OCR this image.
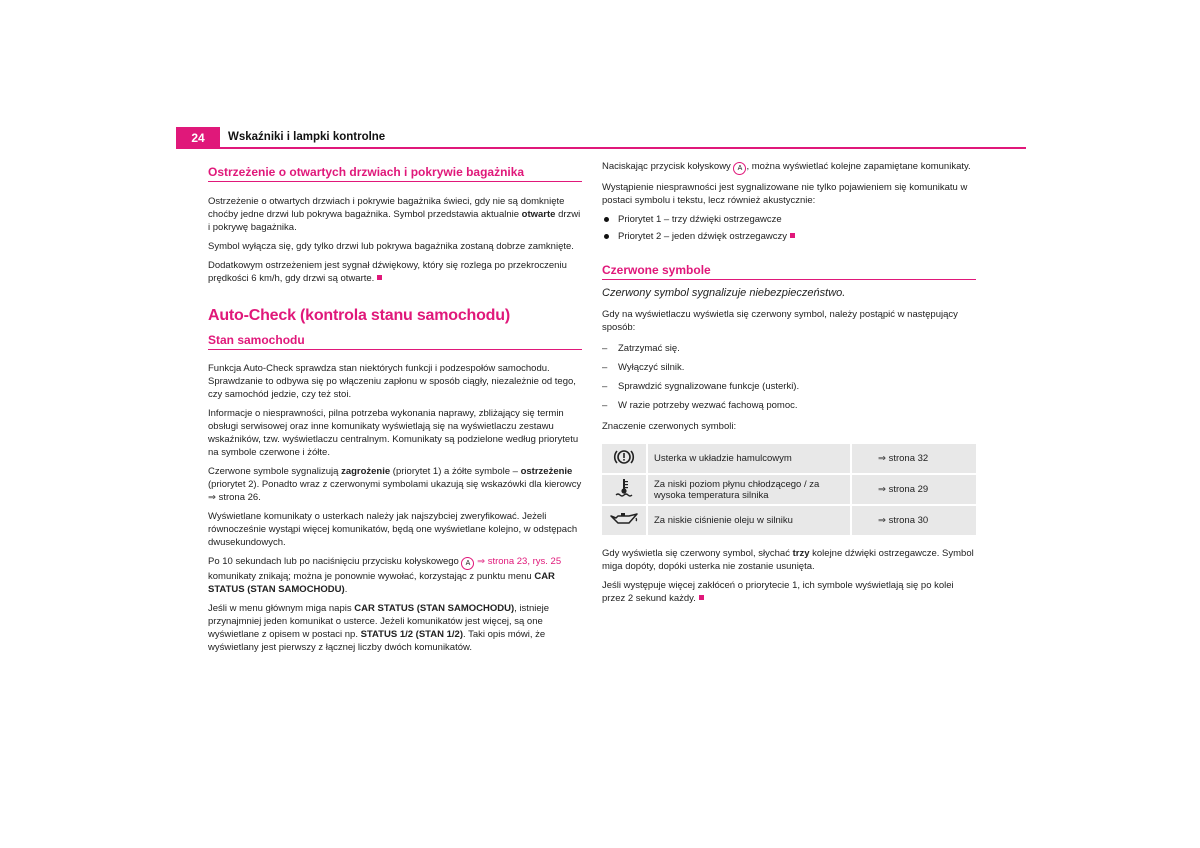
24	Wskaźniki i lampki kontrolne
Ostrzeżenie o otwartych drzwiach i pokrywie bagażnika

Ostrzeżenie o otwartych drzwiach i pokrywie bagażnika świeci, gdy nie są domknięte choćby jedne drzwi lub pokrywa bagażnika. Symbol przedstawia aktualnie otwarte drzwi i pokrywę bagażnika.

Symbol wyłącza się, gdy tylko drzwi lub pokrywa bagażnika zostaną dobrze zamknięte.

Dodatkowym ostrzeżeniem jest sygnał dźwiękowy, który się rozlega po przekroczeniu prędkości 6 km/h, gdy drzwi są otwarte.

Auto-Check (kontrola stanu samochodu)
Stan samochodu

Funkcja Auto-Check sprawdza stan niektórych funkcji i podzespołów samochodu. Sprawdzanie to odbywa się po włączeniu zapłonu w sposób ciągły, niezależnie od tego, czy samochód jedzie, czy też stoi.

Informacje o niesprawności, pilna potrzeba wykonania naprawy, zbliżający się termin obsługi serwisowej oraz inne komunikaty wyświetlają się na wyświetlaczu zestawu wskaźników, tzw. wyświetlaczu centralnym. Komunikaty są podzielone według priorytetu na symbole czerwone i żółte.

Czerwone symbole sygnalizują zagrożenie (priorytet 1) a żółte symbole – ostrzeżenie (priorytet 2). Ponadto wraz z czerwonymi symbolami ukazują się wskazówki dla kierowcy ⇒ strona 26.

Wyświetlane komunikaty o usterkach należy jak najszybciej zweryfikować. Jeżeli równocześnie wystąpi więcej komunikatów, będą one wyświetlane kolejno, w odstępach dwusekundowych.

Po 10 sekundach lub po naciśnięciu przycisku kołyskowego A ⇒ strona 23, rys. 25 komunikaty znikają; można je ponownie wywołać, korzystając z punktu menu CAR STATUS (STAN SAMOCHODU).

Jeśli w menu głównym miga napis CAR STATUS (STAN SAMOCHODU), istnieje przynajmniej jeden komunikat o usterce. Jeżeli komunikatów jest więcej, są one wyświetlane z opisem w postaci np. STATUS 1/2 (STAN 1/2). Taki opis mówi, że wyświetlany jest pierwszy z łącznej liczby dwóch komunikatów.

Naciskając przycisk kołyskowy A , można wyświetlać kolejne zapamiętane komunikaty.

Wystąpienie niesprawności jest sygnalizowane nie tylko pojawieniem się komunikatu w postaci symbolu i tekstu, lecz również akustycznie:

Priorytet 1 – trzy dźwięki ostrzegawcze
Priorytet 2 – jeden dźwięk ostrzegawczy
Czerwone symbole

Czerwony symbol sygnalizuje niebezpieczeństwo.

Gdy na wyświetlaczu wyświetla się czerwony symbol, należy postąpić w następujący sposób:

– Zatrzymać się.
– Wyłączyć silnik.
– Sprawdzić sygnalizowane funkcje (usterki).
– W razie potrzeby wezwać fachową pomoc.

Znaczenie czerwonych symboli:

	Usterka w układzie hamulcowym	⇒ strona 32
	Za niski poziom płynu chłodzącego / za wysoka temperatura silnika	⇒ strona 29
	Za niskie ciśnienie oleju w silniku	⇒ strona 30

Gdy wyświetla się czerwony symbol, słychać trzy kolejne dźwięki ostrzegawcze. Symbol miga dopóty, dopóki usterka nie zostanie usunięta.

Jeśli występuje więcej zakłóceń o priorytecie 1, ich symbole wyświetlają się po kolei przez 2 sekund każdy.
